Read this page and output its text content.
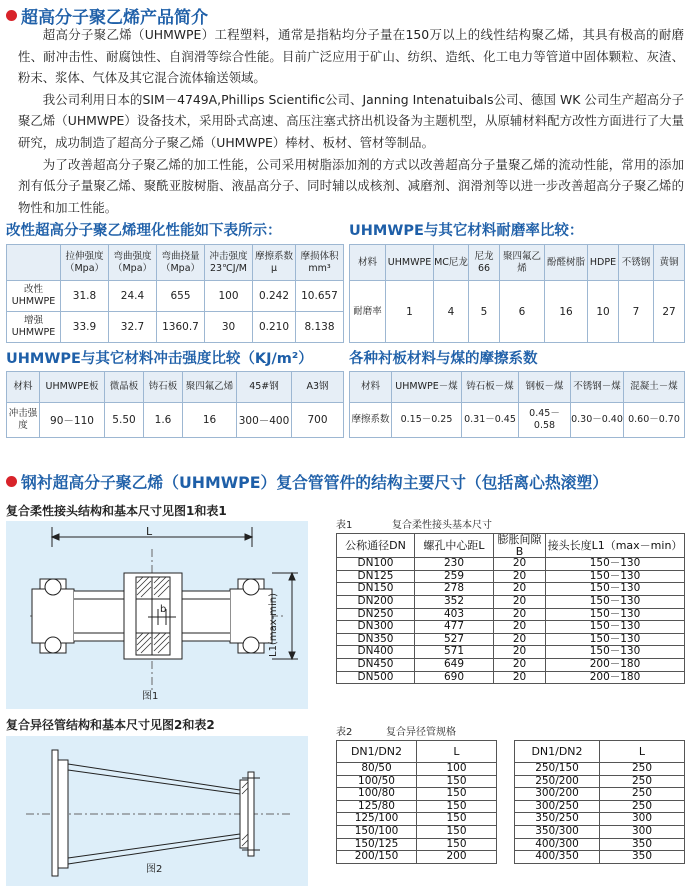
超高分子聚乙烯产品简介

超高分子聚乙烯（UHMWPE）工程塑料，通常是指粘均分子量在150万以上的线性结构聚乙烯，其具有极高的耐磨性、耐冲击性、耐腐蚀性、自润滑等综合性能。目前广泛应用于矿山、纺织、造纸、化工电力等管道中固体颗粒、灰渣、粉末、浆体、气体及其它混合流体输送领域。

我公司利用日本的SIM－4749A,Phillips Scientific公司、Janning Intenatuibals公司、德国 WK 公司生产超高分子聚乙烯（UHMWPE）设备技术，采用卧式高速、高压注塞式挤出机设备为主题机型，从原辅材料配方改性方面进行了大量研究，成功制造了超高分子聚乙烯（UHMWPE）棒材、板材、管材等制品。

为了改善超高分子聚乙烯的加工性能，公司采用树脂添加剂的方式以改善超高分子量聚乙烯的流动性能，常用的添加剂有低分子量聚乙烯、聚酰亚胺树脂、液晶高分子、同时辅以成核剂、减磨剂、润滑剂等以进一步改善超高分子聚乙烯的物性和加工性能。

改性超高分子聚乙烯理化性能如下表所示：
	拉伸强度（Mpa）	弯曲强度（Mpa）	弯曲挠量（Mpa）	冲击强度 23℃J/M	摩擦系数 μ	摩损体积 mm³
改性 UHMWPE	31.8	24.4	655	100	0.242	10.657
增强 UHMWPE	33.9	32.7	1360.7	30	0.210	8.138
UHMWPE与其它材料耐磨率比较：
材料	UHMWPE	MC尼龙	尼龙66	聚四氟乙烯	酚醛树脂	HDPE	不锈钢	黄铜
耐磨率	1	4	5	6	16	10	7	27
UHMWPE与其它材料冲击强度比较（KJ/m²）
材料	UHMWPE板	微晶板	铸石板	聚四氟乙烯	45#钢	A3钢
冲击强度	90－110	5.50	1.6	16	300－400	700
各种衬板材料与煤的摩擦系数
材料	UHMWPE－煤	铸石板－煤	钢板－煤	不锈钢－煤	混凝土－煤
摩擦系数	0.15－0.25	0.31－0.45	0.45－0.58	0.30－0.40	0.60－0.70
钢衬超高分子聚乙烯（UHMWPE）复合管管件的结构主要尺寸（包括离心热滚塑）
复合柔性接头结构和基本尺寸见图1和表1
L
b	L1(max-min)
图1
表1	复合柔性接头基本尺寸
公称通径DN	螺孔中心距L	膨胀间隙B	接头长度L1（max－min）
DN100	230	20	150－130
DN125	259	20	150－130
DN150	278	20	150－130
DN200	352	20	150－130
DN250	403	20	150－130
DN300	477	20	150－130
DN350	527	20	150－130
DN400	571	20	150－130
DN450	649	20	200－180
DN500	690	20	200－180
复合异径管结构和基本尺寸见图2和表2
图2
表2	复合异径管规格
DN1/DN2	L
80/50	100
100/50	150
100/80	150
125/80	150
125/100	150
150/100	150
150/125	150
200/150	200
DN1/DN2	L
250/150	250
250/200	250
300/200	250
300/250	250
350/250	300
350/300	300
400/300	350
400/350	350
